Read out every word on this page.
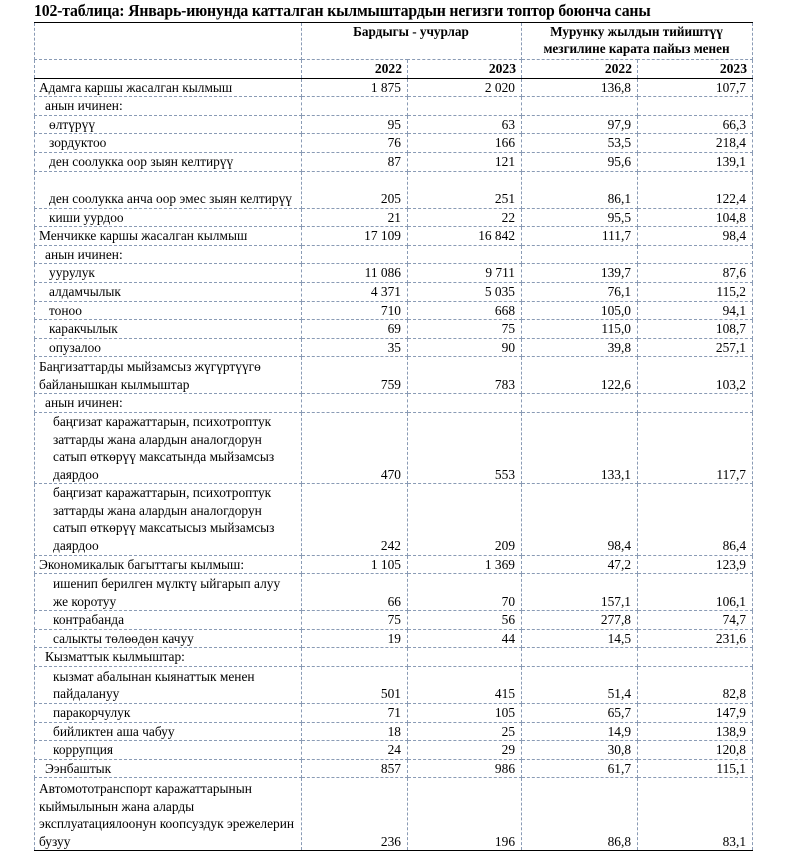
102-таблица: Январь-июнунда катталган кылмыштардын негизги топтор боюнча саны
	Бардыгы - учурлар		Мурунку жылдын тийиштүү
мезгилине карата пайыз менен	
	2022	2023	2022	2023
Адамга каршы жасалган кылмыш	1 875	2 020	136,8	107,7
анын ичинен:				
өлтүрүү	95	63	97,9	66,3
зордуктоо	76	166	53,5	218,4
ден соолукка оор зыян келтирүү	87	121	95,6	139,1
ден соолукка анча оор эмес зыян келтирүү	205	251	86,1	122,4
киши уурдоо	21	22	95,5	104,8
Менчикке каршы жасалган кылмыш	17 109	16 842	111,7	98,4
анын ичинен:				
уурулук	11 086	9 711	139,7	87,6
алдамчылык	4 371	5 035	76,1	115,2
тоноо	710	668	105,0	94,1
каракчылык	69	75	115,0	108,7
опузалоо	35	90	39,8	257,1
Баңгизаттарды мыйзамсыз жүгүртүүгө байланышкан кылмыштар	759	783	122,6	103,2
анын ичинен:				
баңгизат каражаттарын, психотроптук заттарды жана алардын аналогдорун сатып өткөрүү максатында мыйзамсыз даярдоо	470	553	133,1	117,7
баңгизат каражаттарын, психотроптук заттарды жана алардын аналогдорун сатып өткөрүү максатысыз мыйзамсыз даярдоо	242	209	98,4	86,4
Экономикалык багыттагы кылмыш:	1 105	1 369	47,2	123,9
ишенип берилген мүлктү ыйгарып алуу же коротуу	66	70	157,1	106,1
контрабанда	75	56	277,8	74,7
салыкты төлөөдөн качуу	19	44	14,5	231,6
Кызматтык кылмыштар:				
кызмат абалынан кыянаттык менен пайдалануу	501	415	51,4	82,8
паракорчулук	71	105	65,7	147,9
бийликтен аша чабуу	18	25	14,9	138,9
коррупция	24	29	30,8	120,8
Ээнбаштык	857	986	61,7	115,1
Автомототранспорт каражаттарынын кыймылынын жана аларды эксплуатациялоонун коопсуздук эрежелерин бузуу	236	196	86,8	83,1
